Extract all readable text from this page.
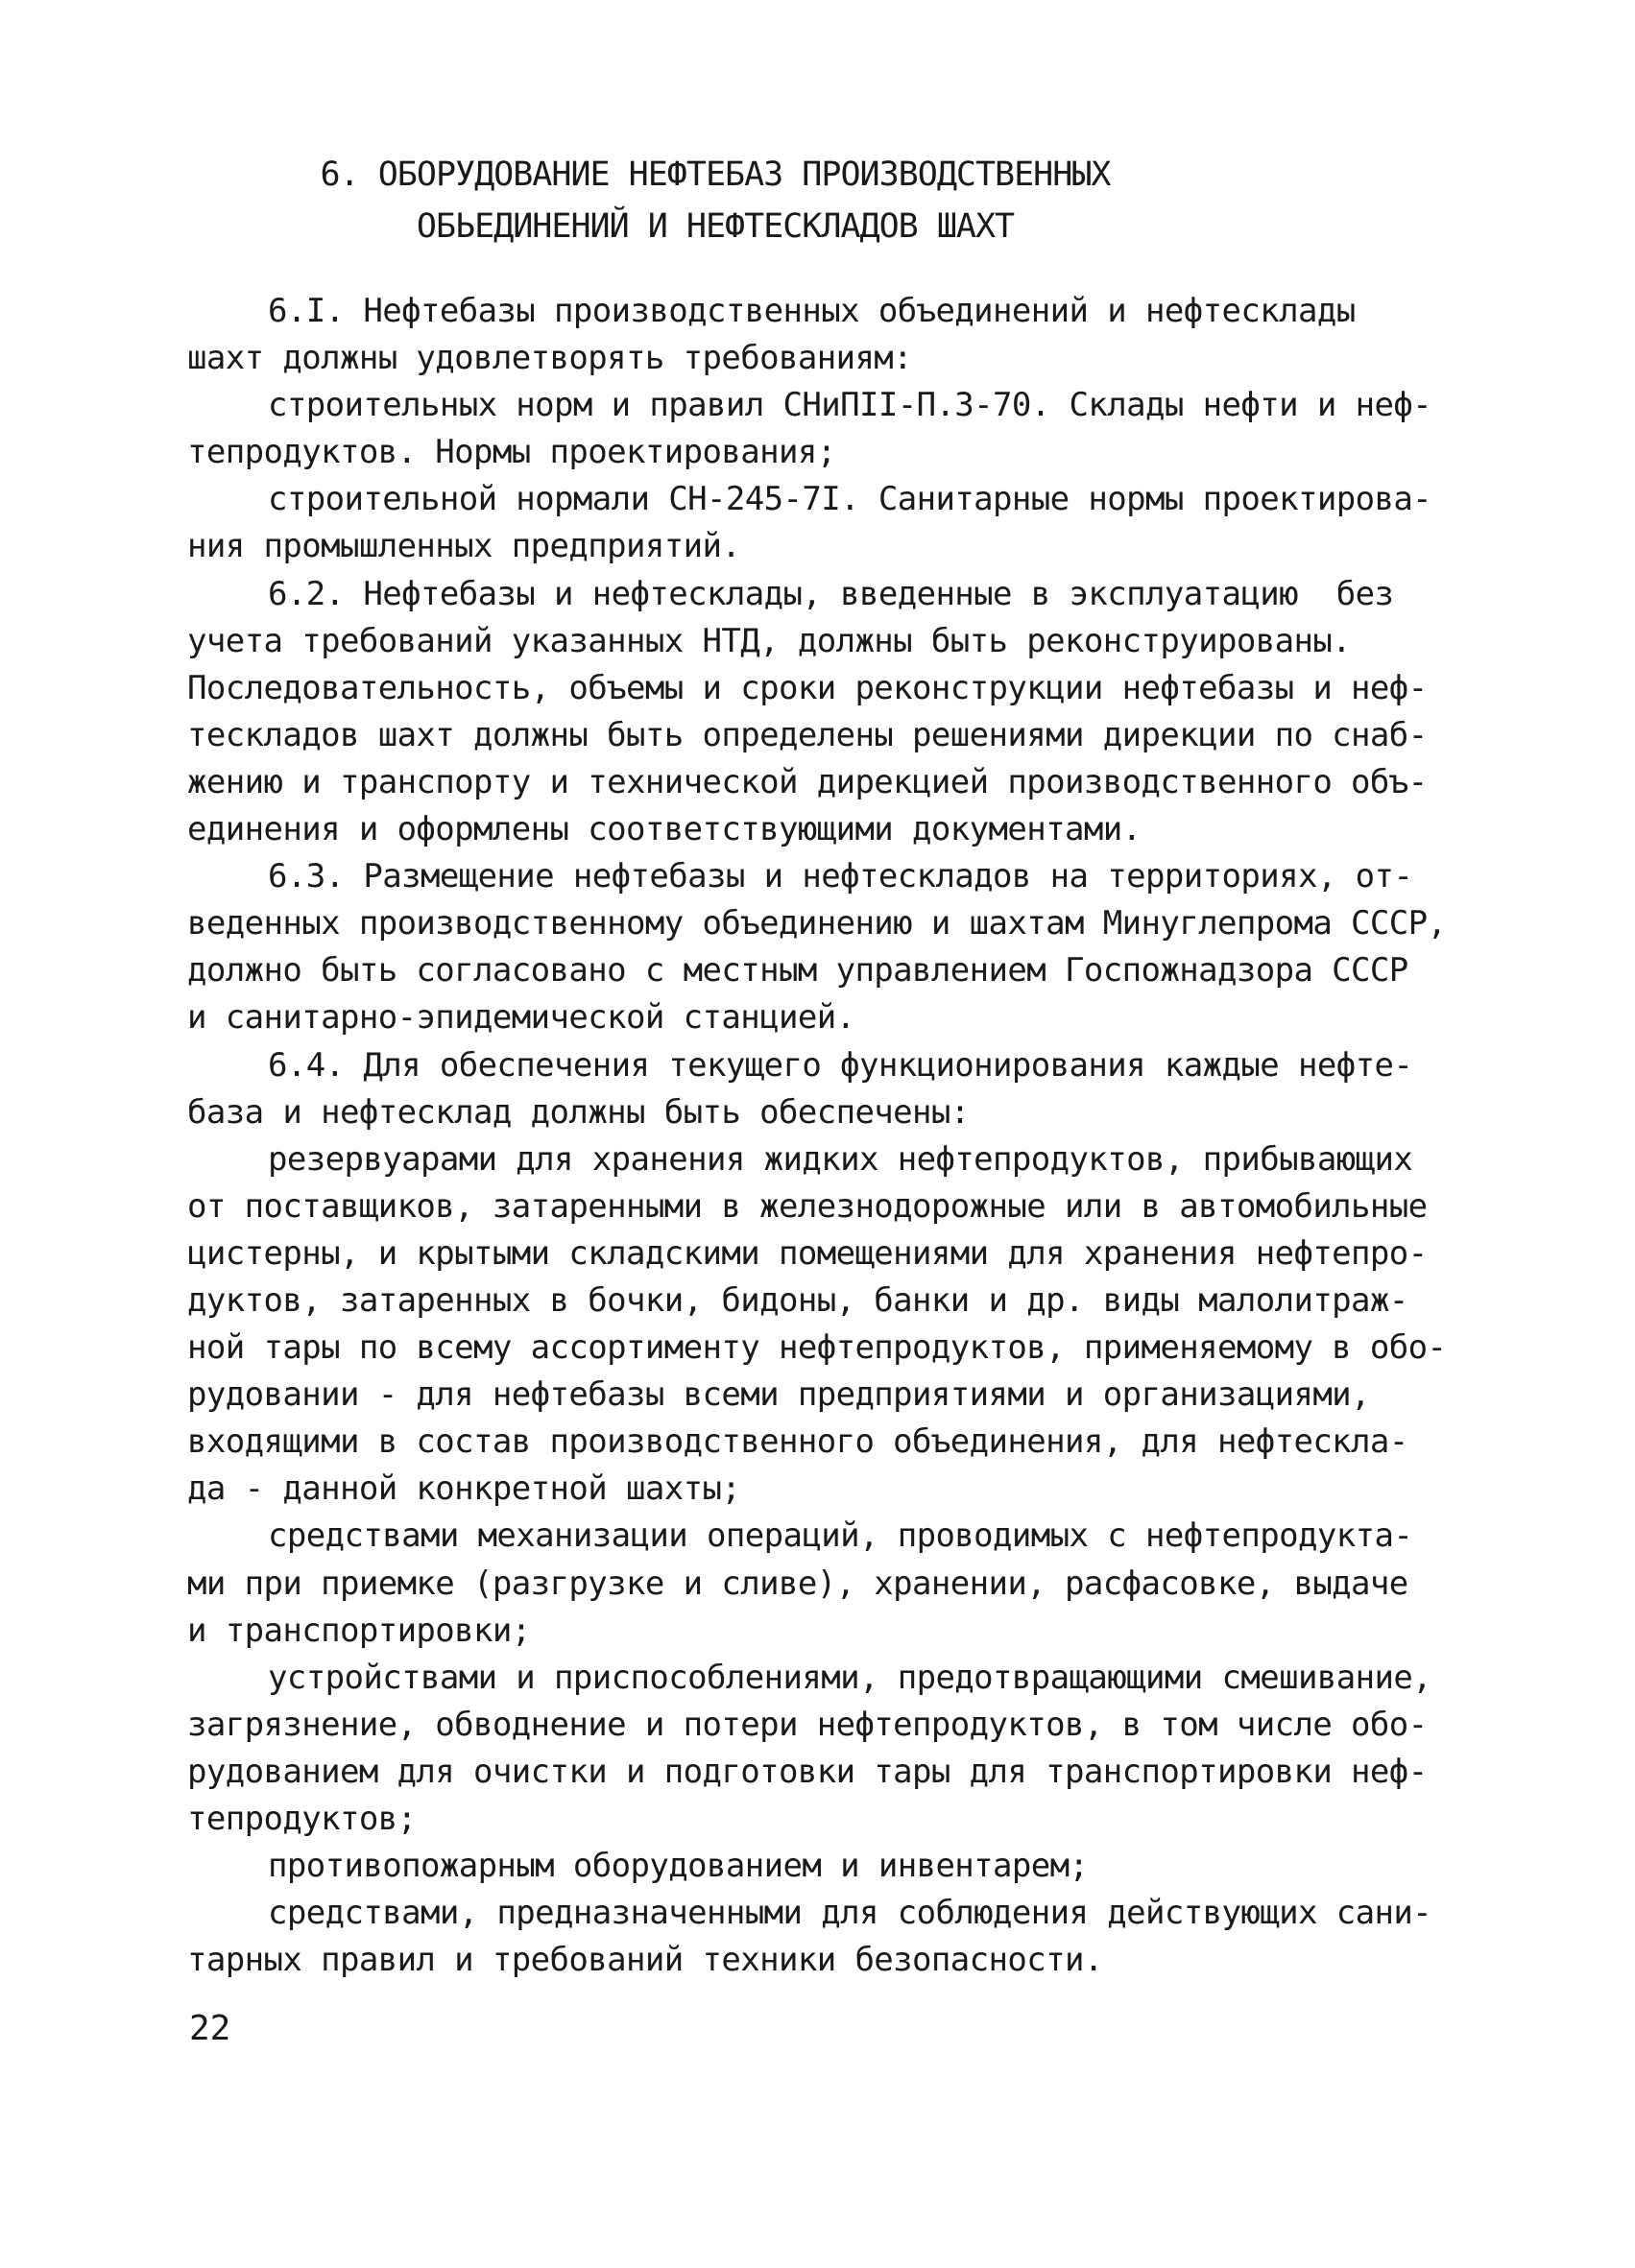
6. ОБОРУДОВАНИЕ НЕФТЕБАЗ ПРОИЗВОДСТВЕННЫХ
ОБЬЕДИНЕНИЙ И НЕФТЕСКЛАДОВ ШАХТ
6.I. Нефтебазы производственных объединений и нефтесклады
шахт должны удовлетворять требованиям:
строительных норм и правил СНиПII-П.3-70. Склады нефти и неф-
тепродуктов. Нормы проектирования;
строительной нормали СН-245-7I. Санитарные нормы проектирова-
ния промышленных предприятий.
6.2. Нефтебазы и нефтесклады, введенные в эксплуатацию  без
учета требований указанных НТД, должны быть реконструированы.
Последовательность, объемы и сроки реконструкции нефтебазы и неф-
тескладов шахт должны быть определены решениями дирекции по снаб-
жению и транспорту и технической дирекцией производственного объ-
единения и оформлены соответствующими документами.
6.3. Размещение нефтебазы и нефтескладов на территориях, от-
веденных производственному объединению и шахтам Минуглепрома СССР,
должно быть согласовано с местным управлением Госпожнадзора СССР
и санитарно-эпидемической станцией.
6.4. Для обеспечения текущего функционирования каждые нефте-
база и нефтесклад должны быть обеспечены:
резервуарами для хранения жидких нефтепродуктов, прибывающих
от поставщиков, затаренными в железнодорожные или в автомобильные
цистерны, и крытыми складскими помещениями для хранения нефтепро-
дуктов, затаренных в бочки, бидоны, банки и др. виды малолитраж-
ной тары по всему ассортименту нефтепродуктов, применяемому в обо-
рудовании - для нефтебазы всеми предприятиями и организациями,
входящими в состав производственного объединения, для нефтескла-
да - данной конкретной шахты;
средствами механизации операций, проводимых с нефтепродукта-
ми при приемке (разгрузке и сливе), хранении, расфасовке, выдаче
и транспортировки;
устройствами и приспособлениями, предотвращающими смешивание,
загрязнение, обводнение и потери нефтепродуктов, в том числе обо-
рудованием для очистки и подготовки тары для транспортировки неф-
тепродуктов;
противопожарным оборудованием и инвентарем;
средствами, предназначенными для соблюдения действующих сани-
тарных правил и требований техники безопасности.
22
